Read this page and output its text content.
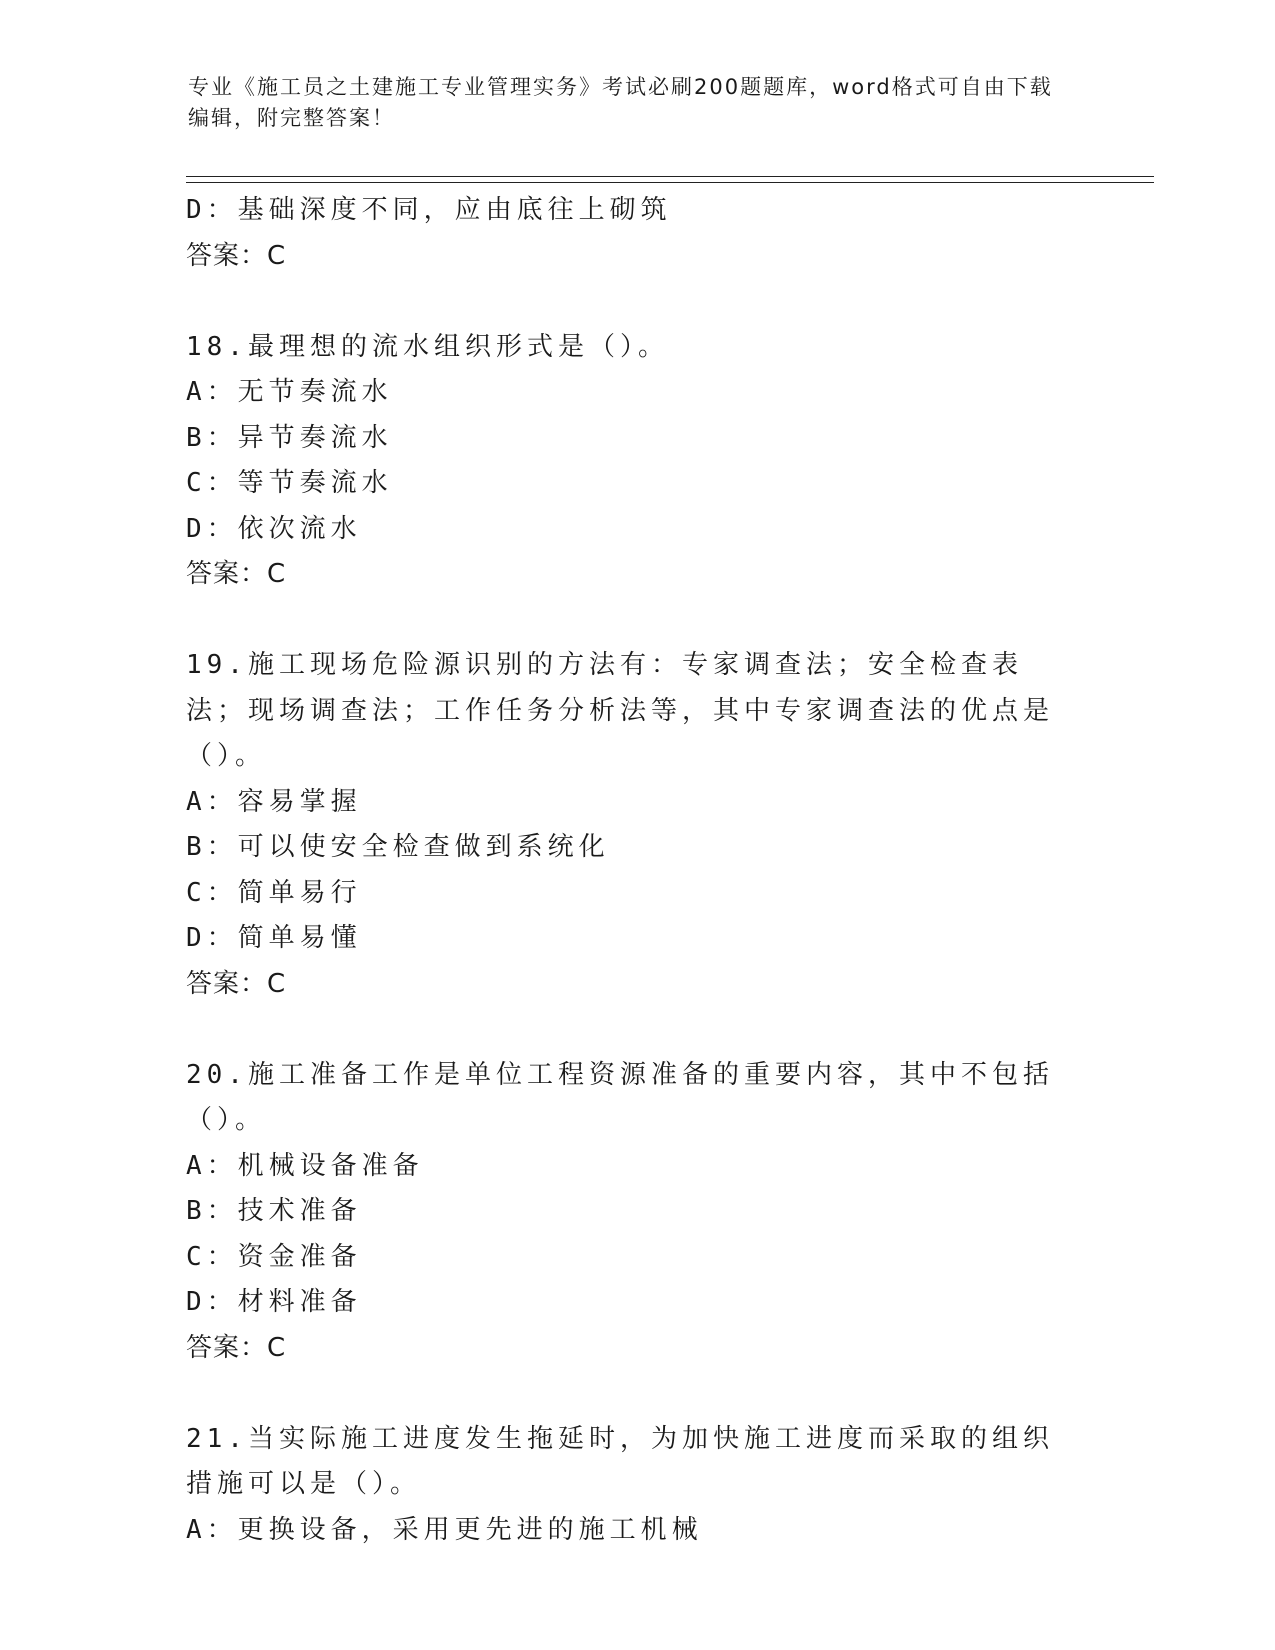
专业《施工员之土建施工专业管理实务》考试必刷200题题库，word格式可自由下载编辑，附完整答案！
D：基础深度不同，应由底往上砌筑
答案：C
18.最理想的流水组织形式是（）。
A：无节奏流水
B：异节奏流水
C：等节奏流水
D：依次流水
答案：C
19.施工现场危险源识别的方法有：专家调查法；安全检查表法；现场调查法；工作任务分析法等，其中专家调查法的优点是（）。
A：容易掌握
B：可以使安全检查做到系统化
C：简单易行
D：简单易懂
答案：C
20.施工准备工作是单位工程资源准备的重要内容，其中不包括（）。
A：机械设备准备
B：技术准备
C：资金准备
D：材料准备
答案：C
21.当实际施工进度发生拖延时，为加快施工进度而采取的组织措施可以是（）。
A：更换设备，采用更先进的施工机械
